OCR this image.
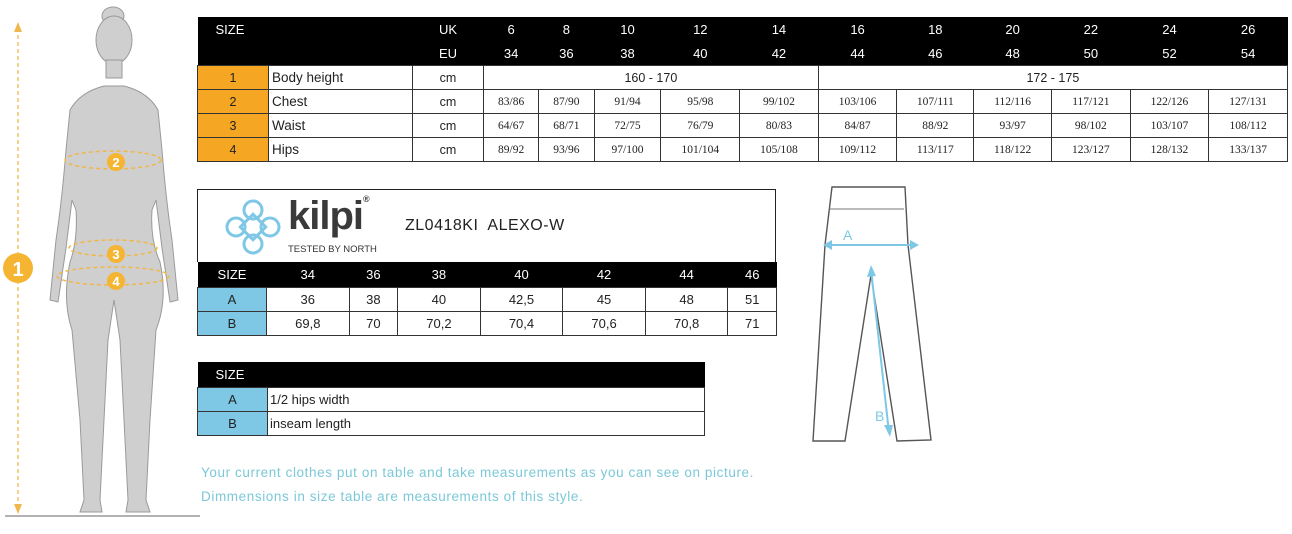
1
2
3
4
SIZE		UK	6	8	10	12	14	16	18	20	22	24	26
		EU	34	36	38	40	42	44	46	48	50	52	54
1	Body height	cm	160 - 170					172 - 175					
2	Chest	cm	83/86	87/90	91/94	95/98	99/102	103/106	107/111	112/116	117/121	122/126	127/131
3	Waist	cm	64/67	68/71	72/75	76/79	80/83	84/87	88/92	93/97	98/102	103/107	108/112
4	Hips	cm	89/92	93/96	97/100	101/104	105/108	109/112	113/117	118/122	123/127	128/132	133/137
kilpi®
TESTED BY NORTH
ZL0418KI  ALEXO-W
SIZE	34	36	38	40	42	44	46
A	36	38	40	42,5	45	48	51
B	69,8	70	70,2	70,4	70,6	70,8	71
SIZE	
A	1/2 hips width
B	inseam length
A
B
Your current clothes put on table and take measurements as you can see on picture.
Dimmensions in size table are measurements of this style.
